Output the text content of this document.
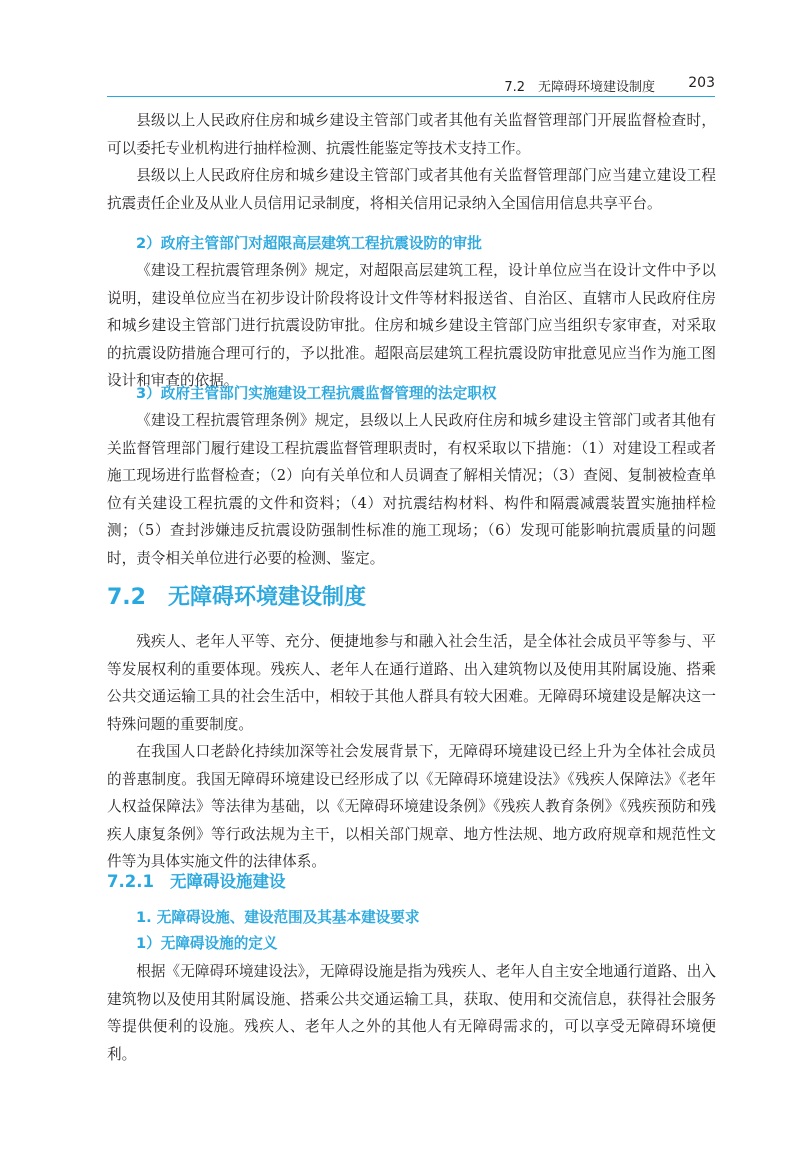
7.2　无障碍环境建设制度 203

县级以上人民政府住房和城乡建设主管部门或者其他有关监督管理部门开展监督检查时，可以委托专业机构进行抽样检测、抗震性能鉴定等技术支持工作。

县级以上人民政府住房和城乡建设主管部门或者其他有关监督管理部门应当建立建设工程抗震责任企业及从业人员信用记录制度，将相关信用记录纳入全国信用信息共享平台。

2）政府主管部门对超限高层建筑工程抗震设防的审批

《建设工程抗震管理条例》规定，对超限高层建筑工程，设计单位应当在设计文件中予以说明，建设单位应当在初步设计阶段将设计文件等材料报送省、自治区、直辖市人民政府住房和城乡建设主管部门进行抗震设防审批。住房和城乡建设主管部门应当组织专家审查，对采取的抗震设防措施合理可行的，予以批准。超限高层建筑工程抗震设防审批意见应当作为施工图设计和审查的依据。

3）政府主管部门实施建设工程抗震监督管理的法定职权

《建设工程抗震管理条例》规定，县级以上人民政府住房和城乡建设主管部门或者其他有关监督管理部门履行建设工程抗震监督管理职责时，有权采取以下措施：（1）对建设工程或者施工现场进行监督检查；（2）向有关单位和人员调查了解相关情况；（3）查阅、复制被检查单位有关建设工程抗震的文件和资料；（4）对抗震结构材料、构件和隔震减震装置实施抽样检测；（5）查封涉嫌违反抗震设防强制性标准的施工现场；（6）发现可能影响抗震质量的问题时，责令相关单位进行必要的检测、鉴定。

7.2 无障碍环境建设制度

残疾人、老年人平等、充分、便捷地参与和融入社会生活，是全体社会成员平等参与、平等发展权利的重要体现。残疾人、老年人在通行道路、出入建筑物以及使用其附属设施、搭乘公共交通运输工具的社会生活中，相较于其他人群具有较大困难。无障碍环境建设是解决这一特殊问题的重要制度。

在我国人口老龄化持续加深等社会发展背景下，无障碍环境建设已经上升为全体社会成员的普惠制度。我国无障碍环境建设已经形成了以《无障碍环境建设法》《残疾人保障法》《老年人权益保障法》等法律为基础，以《无障碍环境建设条例》《残疾人教育条例》《残疾预防和残疾人康复条例》等行政法规为主干，以相关部门规章、地方性法规、地方政府规章和规范性文件等为具体实施文件的法律体系。

7.2.1 无障碍设施建设
1. 无障碍设施、建设范围及其基本建设要求
1）无障碍设施的定义

根据《无障碍环境建设法》，无障碍设施是指为残疾人、老年人自主安全地通行道路、出入建筑物以及使用其附属设施、搭乘公共交通运输工具，获取、使用和交流信息，获得社会服务等提供便利的设施。残疾人、老年人之外的其他人有无障碍需求的，可以享受无障碍环境便利。
